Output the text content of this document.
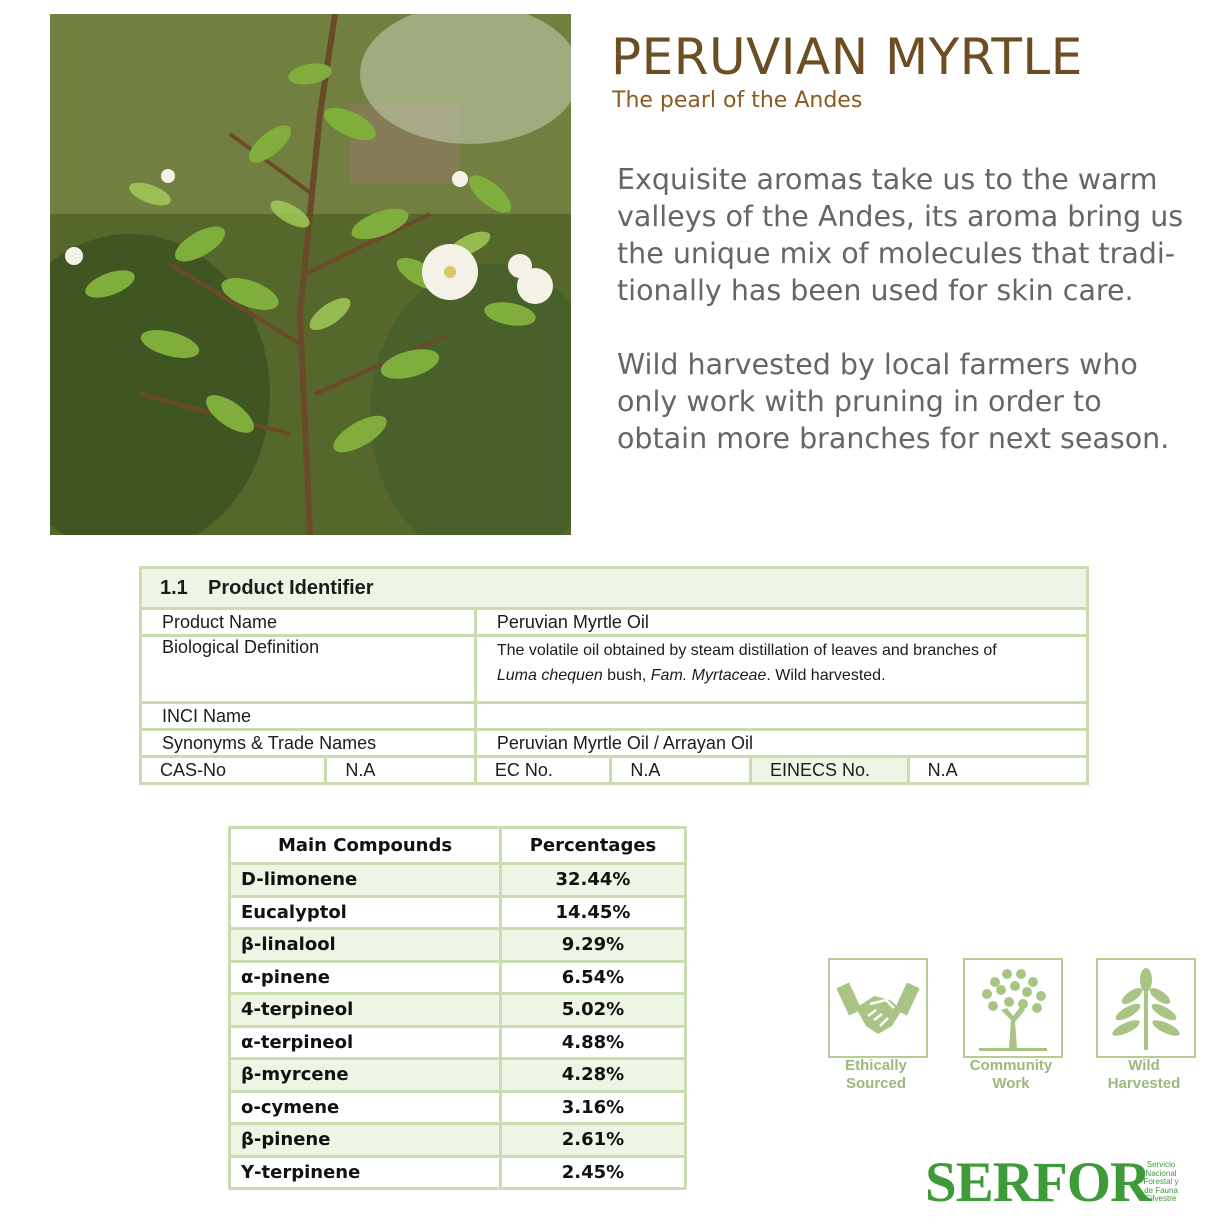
PERUVIAN MYRTLE
The pearl of the Andes

Exquisite aromas take us to the warm
valleys of the Andes, its aroma bring us
the unique mix of molecules that tradi-
tionally has been used for skin care.

Wild harvested by local farmers who
only work with pruning in order to
obtain more branches for next season.

1.1 Product Identifier					
Product Name		Peruvian Myrtle Oil			
Biological Definition		The volatile oil obtained by steam distillation of leaves and branches of
Luma chequen bush, Fam. Myrtaceae. Wild harvested.			
INCI Name					
Synonyms & Trade Names		Peruvian Myrtle Oil / Arrayan Oil			
CAS-No	N.A	EC No.	N.A	EINECS No.	N.A
Main Compounds	Percentages
D-limonene	32.44%
Eucalyptol	14.45%
β-linalool	9.29%
α-pinene	6.54%
4-terpineol	5.02%
α-terpineol	4.88%
β-myrcene	4.28%
o-cymene	3.16%
β-pinene	2.61%
Υ-terpinene	2.45%
Ethically
Sourced
Community
Work
Wild
Harvested
SERFOR
Servicio
Nacional
Forestal y
de Fauna
Silvestre
